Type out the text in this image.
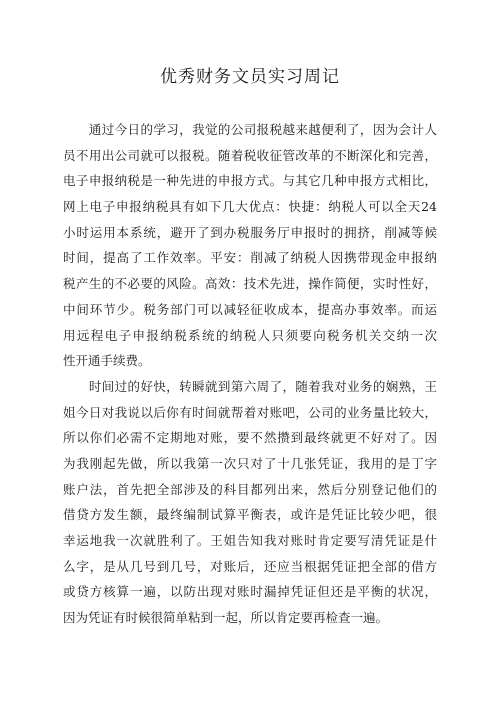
优秀财务文员实习周记
　　通过今日的学习，我觉的公司报税越来越便利了，因为会计人
员不用出公司就可以报税。随着税收征管改革的不断深化和完善，
电子申报纳税是一种先进的申报方式。与其它几种申报方式相比，
网上电子申报纳税具有如下几大优点：快捷：纳税人可以全天24
小时运用本系统，避开了到办税服务厅申报时的拥挤，削减等候
时间，提高了工作效率。平安：削减了纳税人因携带现金申报纳
税产生的不必要的风险。高效：技术先进，操作简便，实时性好，
中间环节少。税务部门可以减轻征收成本，提高办事效率。而运
用远程电子申报纳税系统的纳税人只须要向税务机关交纳一次
性开通手续费。
　　时间过的好快，转瞬就到第六周了，随着我对业务的娴熟，王
姐今日对我说以后你有时间就帮着对账吧，公司的业务量比较大，
所以你们必需不定期地对账，要不然攒到最终就更不好对了。因
为我刚起先做，所以我第一次只对了十几张凭证，我用的是丁字
账户法，首先把全部涉及的科目都列出来，然后分别登记他们的
借贷方发生额，最终编制试算平衡表，或许是凭证比较少吧，很
幸运地我一次就胜利了。王姐告知我对账时肯定要写清凭证是什
么字，是从几号到几号，对账后，还应当根据凭证把全部的借方
或贷方核算一遍，以防出现对账时漏掉凭证但还是平衡的状况，
因为凭证有时候很简单粘到一起，所以肯定要再检查一遍。
